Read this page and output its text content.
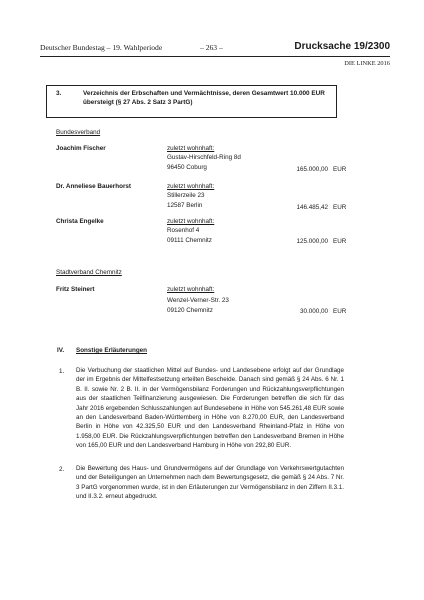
Deutscher Bundestag – 19. Wahlperiode	– 263 –	Drucksache 19/2300
DIE LINKE 2016
3.	Verzeichnis der Erbschaften und Vermächtnisse, deren Gesamtwert 10.000 EUR übersteigt (§ 27 Abs. 2 Satz 3 PartG)
Bundesverband
Joachim Fischer	zuletzt wohnhaft:
Gustav-Hirschfeld-Ring 8d
96450 Coburg	165.000,00 EUR
Dr. Anneliese Bauerhorst	zuletzt wohnhaft:
Stillerzeile 23
12587 Berlin	146.485,42 EUR
Christa Engelke	zuletzt wohnhaft:
Rosenhof 4
09111 Chemnitz	125.000,00 EUR
Stadtverband Chemnitz
Fritz Steinert	zuletzt wohnhaft:
Wenzel-Verner-Str. 23
09120 Chemnitz	30.000,00 EUR
IV. Sonstige Erläuterungen
1. Die Verbuchung der staatlichen Mittel auf Bundes- und Landesebene erfolgt auf der Grundlage der im Ergebnis der Mittelfestsetzung erteilten Bescheide. Danach sind gemäß § 24 Abs. 6 Nr. 1 B. II. sowie Nr. 2 B. II. in der Vermögensbilanz Forderungen und Rückzahlungsverpflichtungen aus der staatlichen Teilfinanzierung ausgewiesen. Die Forderungen betreffen die sich für das Jahr 2016 ergebenden Schlusszahlungen auf Bundesebene in Höhe von 545.261,48 EUR sowie an den Landesverband Baden-Württemberg in Höhe von 8.270,00 EUR, den Landesverband Berlin in Höhe von 42.325,50 EUR und den Landesverband Rheinland-Pfalz in Höhe von 1.958,00 EUR. Die Rückzahlungsverpflichtungen betreffen den Landesverband Bremen in Höhe von 165,00 EUR und den Landesverband Hamburg in Höhe von 292,80 EUR.
2. Die Bewertung des Haus- und Grundvermögens auf der Grundlage von Verkehrswertgutachten und der Beteiligungen an Unternehmen nach dem Bewertungsgesetz, die gemäß § 24 Abs. 7 Nr. 3 PartG vorgenommen wurde, ist in den Erläuterungen zur Vermögensbilanz in den Ziffern II.3.1. und II.3.2. erneut abgedruckt.
